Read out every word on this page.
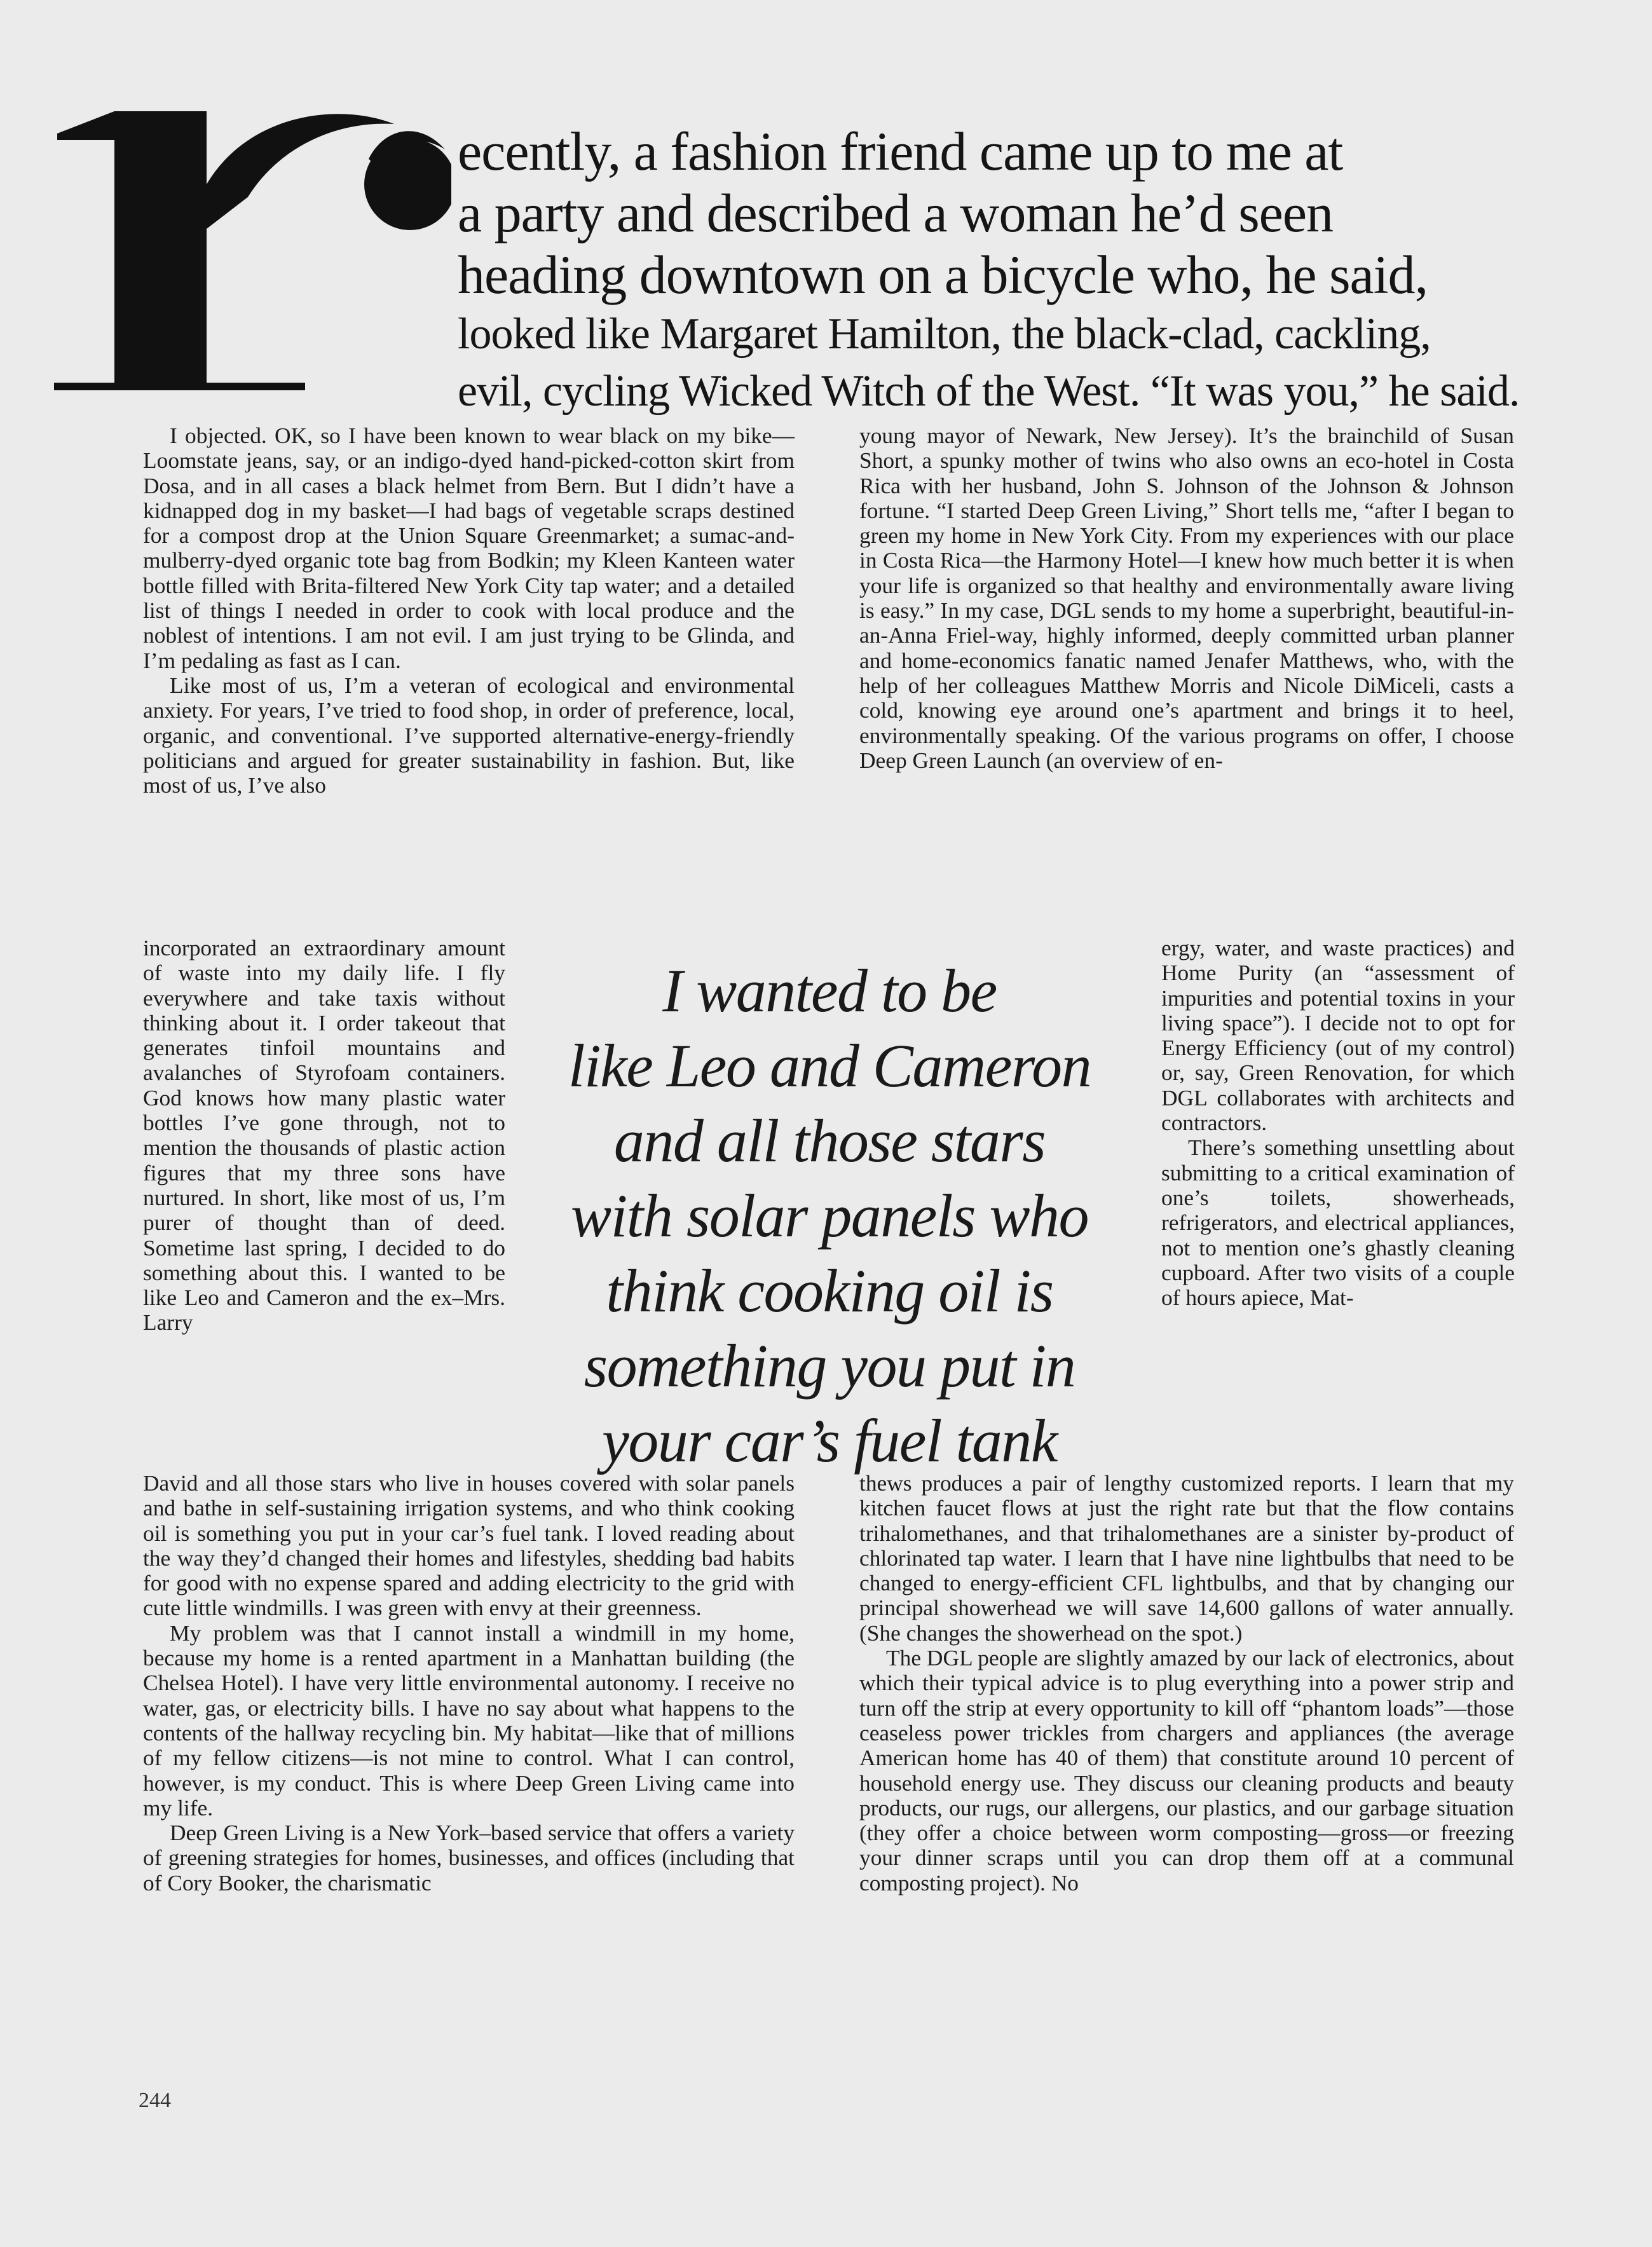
ecently, a fashion friend came up to me at
a party and described a woman he’d seen
heading downtown on a bicycle who, he said,
looked like Margaret Hamilton, the black-clad, cackling,
evil, cycling Wicked Witch of the West. “It was you,” he said.

I objected. OK, so I have been known to wear black on my bike—Loomstate jeans, say, or an indigo-dyed hand-picked-cotton skirt from Dosa, and in all cases a black helmet from Bern. But I didn’t have a kidnapped dog in my basket—I had bags of vegetable scraps destined for a compost drop at the Union Square Greenmarket; a sumac-and-mulberry-dyed organic tote bag from Bodkin; my Kleen Kanteen water bottle filled with Brita-filtered New York City tap water; and a detailed list of things I needed in order to cook with local produce and the noblest of intentions. I am not evil. I am just trying to be Glinda, and I’m pedaling as fast as I can.

Like most of us, I’m a veteran of ecological and environmental anxiety. For years, I’ve tried to food shop, in order of preference, local, organic, and conventional. I’ve supported alternative-energy-friendly politicians and argued for greater sustainability in fashion. But, like most of us, I’ve also

incorporated an extraordinary amount of waste into my daily life. I fly everywhere and take taxis without thinking about it. I order takeout that generates tinfoil mountains and avalanches of Styrofoam containers. God knows how many plastic water bottles I’ve gone through, not to mention the thousands of plastic action figures that my three sons have nurtured. In short, like most of us, I’m purer of thought than of deed. Sometime last spring, I decided to do something about this. I wanted to be like Leo and Cameron and the ex–Mrs. Larry

I wanted to be
like Leo and Cameron
and all those stars
with solar panels who
think cooking oil is
something you put in
your car’s fuel tank

David and all those stars who live in houses covered with solar panels and bathe in self-sustaining irrigation systems, and who think cooking oil is something you put in your car’s fuel tank. I loved reading about the way they’d changed their homes and lifestyles, shedding bad habits for good with no expense spared and adding electricity to the grid with cute little windmills. I was green with envy at their greenness.

My problem was that I cannot install a windmill in my home, because my home is a rented apartment in a Manhattan building (the Chelsea Hotel). I have very little environmental autonomy. I receive no water, gas, or electricity bills. I have no say about what happens to the contents of the hallway recycling bin. My habitat—like that of millions of my fellow citizens—is not mine to control. What I can control, however, is my conduct. This is where Deep Green Living came into my life.

Deep Green Living is a New York–based service that offers a variety of greening strategies for homes, businesses, and offices (including that of Cory Booker, the charismatic

young mayor of Newark, New Jersey). It’s the brainchild of Susan Short, a spunky mother of twins who also owns an eco-hotel in Costa Rica with her husband, John S. Johnson of the Johnson & Johnson fortune. “I started Deep Green Living,” Short tells me, “after I began to green my home in New York City. From my experiences with our place in Costa Rica—the Harmony Hotel—I knew how much better it is when your life is organized so that healthy and environmentally aware living is easy.” In my case, DGL sends to my home a superbright, beautiful-in-an-Anna Friel-way, highly informed, deeply committed urban planner and home-economics fanatic named Jenafer Matthews, who, with the help of her colleagues Matthew Morris and Nicole DiMiceli, casts a cold, knowing eye around one’s apartment and brings it to heel, environmentally speaking. Of the various programs on offer, I choose Deep Green Launch (an overview of en-

ergy, water, and waste practices) and Home Purity (an “assessment of impurities and potential toxins in your living space”). I decide not to opt for Energy Efficiency (out of my control) or, say, Green Renovation, for which DGL collaborates with architects and contractors.

There’s something unsettling about submitting to a critical examination of one’s toilets, showerheads, refrigerators, and electrical appliances, not to mention one’s ghastly cleaning cupboard. After two visits of a couple of hours apiece, Mat-

thews produces a pair of lengthy customized reports. I learn that my kitchen faucet flows at just the right rate but that the flow contains trihalomethanes, and that trihalomethanes are a sinister by-product of chlorinated tap water. I learn that I have nine lightbulbs that need to be changed to energy-efficient CFL lightbulbs, and that by changing our principal showerhead we will save 14,600 gallons of water annually. (She changes the showerhead on the spot.)

The DGL people are slightly amazed by our lack of electronics, about which their typical advice is to plug everything into a power strip and turn off the strip at every opportunity to kill off “phantom loads”—those ceaseless power trickles from chargers and appliances (the average American home has 40 of them) that constitute around 10 percent of household energy use. They discuss our cleaning products and beauty products, our rugs, our allergens, our plastics, and our garbage situation (they offer a choice between worm composting—gross—or freezing your dinner scraps until you can drop them off at a communal composting project). No

244
